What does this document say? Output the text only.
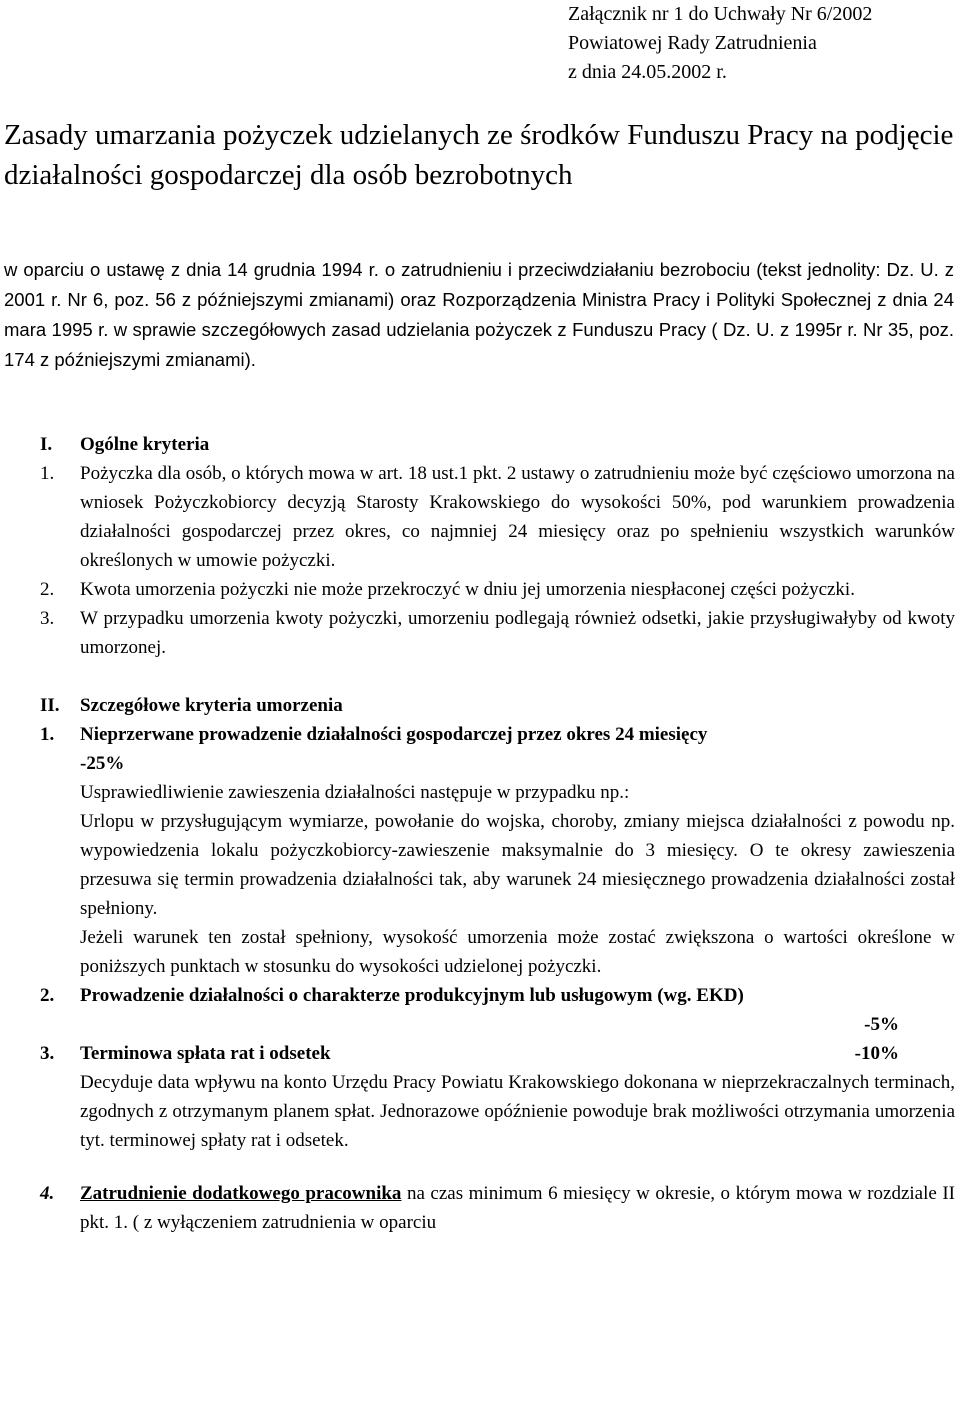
Załącznik nr 1 do Uchwały Nr 6/2002
Powiatowej Rady Zatrudnienia
z dnia 24.05.2002 r.
Zasady umarzania pożyczek udzielanych ze środków Funduszu Pracy na podjęcie działalności gospodarczej dla osób bezrobotnych
w oparciu o ustawę z dnia 14 grudnia 1994 r. o zatrudnieniu i przeciwdziałaniu bezrobociu (tekst jednolity: Dz. U. z 2001 r. Nr 6, poz. 56 z późniejszymi zmianami) oraz Rozporządzenia Ministra Pracy i Polityki Społecznej z dnia 24 mara 1995 r. w sprawie szczegółowych zasad udzielania pożyczek z Funduszu Pracy ( Dz. U. z 1995r r. Nr 35, poz. 174 z późniejszymi zmianami).
I.	Ogólne kryteria
1.	Pożyczka dla osób, o których mowa w art. 18 ust.1 pkt. 2 ustawy o zatrudnieniu może być częściowo umorzona na wniosek Pożyczkobiorcy decyzją Starosty Krakowskiego do wysokości 50%, pod warunkiem prowadzenia działalności gospodarczej przez okres, co najmniej 24 miesięcy oraz po spełnieniu wszystkich warunków określonych w umowie pożyczki.
2.	Kwota umorzenia pożyczki nie może przekroczyć w dniu jej umorzenia niespłaconej części pożyczki.
3.	W przypadku umorzenia kwoty pożyczki, umorzeniu podlegają również odsetki, jakie przysługiwałyby od kwoty umorzonej.
II.	Szczegółowe kryteria umorzenia
1.	Nieprzerwane prowadzenie działalności gospodarczej przez okres 24 miesięcy
-25%
Usprawiedliwienie zawieszenia działalności następuje w przypadku np.:
Urlopu w przysługującym wymiarze, powołanie do wojska, choroby, zmiany miejsca działalności z powodu np. wypowiedzenia lokalu pożyczkobiorcy-zawieszenie maksymalnie do 3 miesięcy. O te okresy zawieszenia przesuwa się termin prowadzenia działalności tak, aby warunek 24 miesięcznego prowadzenia działalności został spełniony.
Jeżeli warunek ten został spełniony, wysokość umorzenia może zostać zwiększona o wartości określone w poniższych punktach w stosunku do wysokości udzielonej pożyczki.
2.	Prowadzenie działalności o charakterze produkcyjnym lub usługowym (wg. EKD)
-5%
3.	Terminowa spłata rat i odsetek	-10%
Decyduje data wpływu na konto Urzędu Pracy Powiatu Krakowskiego dokonana w nieprzekraczalnych terminach, zgodnych z otrzymanym planem spłat. Jednorazowe opóźnienie powoduje brak możliwości otrzymania umorzenia tyt. terminowej spłaty rat i odsetek.
4.	Zatrudnienie dodatkowego pracownika na czas minimum 6 miesięcy w okresie, o którym mowa w rozdziale II pkt. 1. ( z wyłączeniem zatrudnienia w oparciu
